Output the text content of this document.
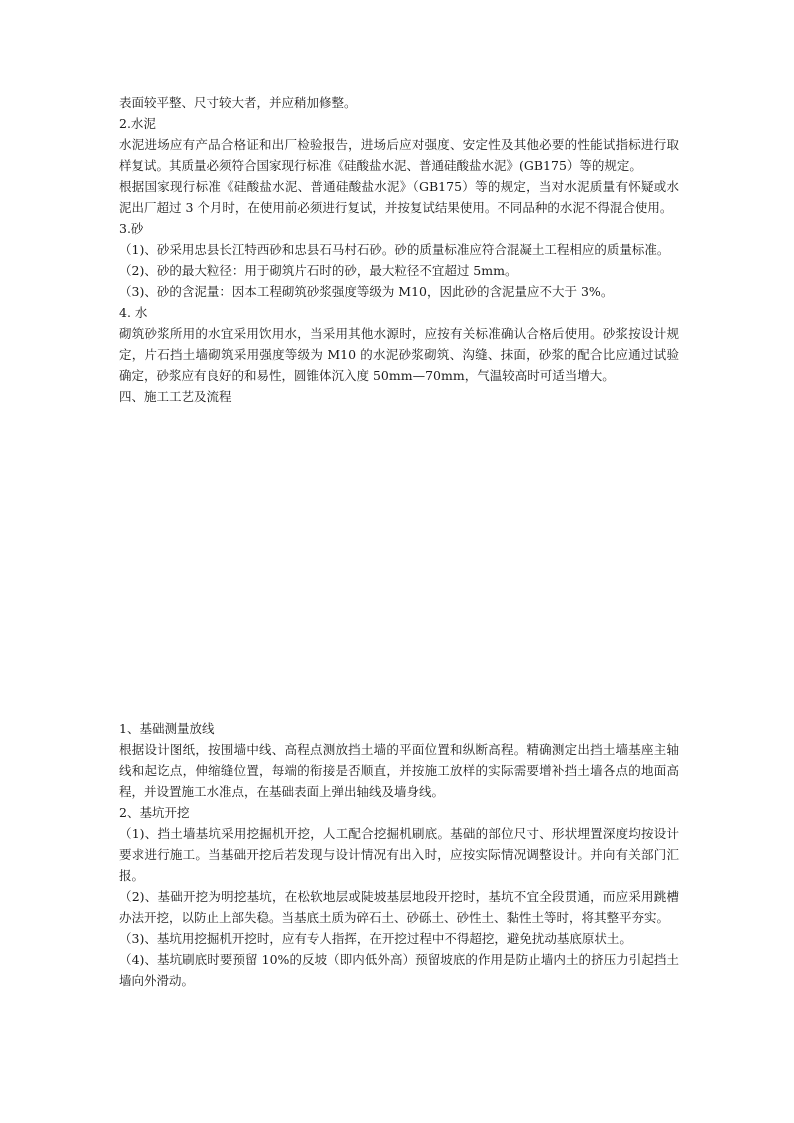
表面较平整、尺寸较大者，并应稍加修整。

2.水泥

水泥进场应有产品合格证和出厂检验报告，进场后应对强度、安定性及其他必要的性能试指标进行取样复试。其质量必须符合国家现行标准《硅酸盐水泥、普通硅酸盐水泥》(GB175）等的规定。

根据国家现行标准《硅酸盐水泥、普通硅酸盐水泥》（GB175）等的规定，当对水泥质量有怀疑或水泥出厂超过 3 个月时，在使用前必须进行复试，并按复试结果使用。不同品种的水泥不得混合使用。

3.砂

（1)、砂采用忠县长江特西砂和忠县石马村石砂。砂的质量标准应符合混凝土工程相应的质量标准。

（2)、砂的最大粒径：用于砌筑片石时的砂，最大粒径不宜超过 5mm。

（3)、砂的含泥量：因本工程砌筑砂浆强度等级为 M10，因此砂的含泥量应不大于 3%。

4. 水

砌筑砂浆所用的水宜采用饮用水，当采用其他水源时，应按有关标准确认合格后使用。砂浆按设计规定，片石挡土墙砌筑采用强度等级为 M10 的水泥砂浆砌筑、沟缝、抹面，砂浆的配合比应通过试验确定，砂浆应有良好的和易性，圆锥体沉入度 50mm—70mm，气温较高时可适当增大。

四、施工工艺及流程

1、基础测量放线

根据设计图纸，按围墙中线、高程点测放挡土墙的平面位置和纵断高程。精确测定出挡土墙基座主轴线和起讫点，伸缩缝位置，每端的衔接是否顺直，并按施工放样的实际需要增补挡土墙各点的地面高程，并设置施工水准点，在基础表面上弹出轴线及墙身线。

2、基坑开挖

（1)、挡土墙基坑采用挖掘机开挖，人工配合挖掘机刷底。基础的部位尺寸、形状埋置深度均按设计要求进行施工。当基础开挖后若发现与设计情况有出入时，应按实际情况调整设计。并向有关部门汇报。

（2)、基础开挖为明挖基坑，在松软地层或陡坡基层地段开挖时，基坑不宜全段贯通，而应采用跳槽办法开挖，以防止上部失稳。当基底土质为碎石土、砂砾土、砂性土、黏性土等时，将其整平夯实。

（3)、基坑用挖掘机开挖时，应有专人指挥，在开挖过程中不得超挖，避免扰动基底原状土。

（4)、基坑刷底时要预留 10%的反坡（即内低外高）预留坡底的作用是防止墙内土的挤压力引起挡土墙向外滑动。
